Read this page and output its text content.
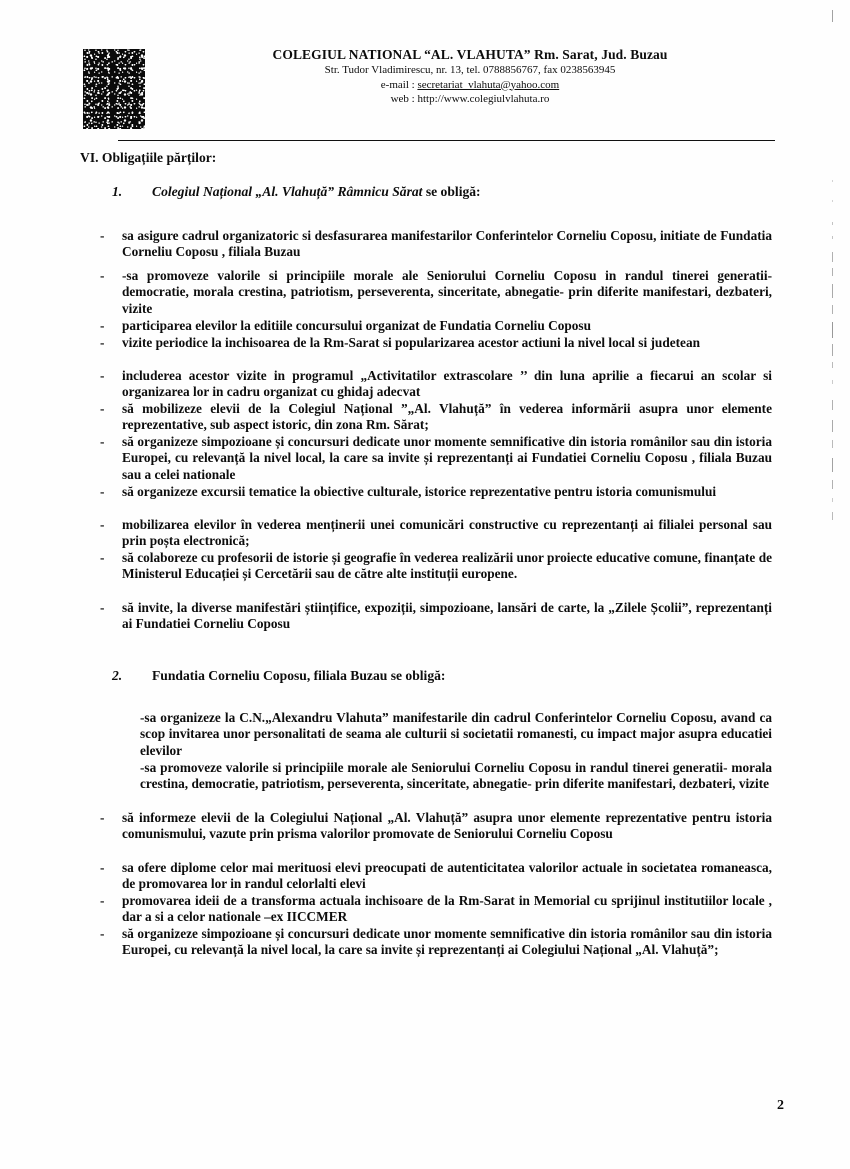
COLEGIUL NATIONAL “AL. VLAHUTA” Rm. Sarat, Jud. Buzau
Str. Tudor Vladimirescu, nr. 13, tel. 0788856767, fax 0238563945
e-mail : secretariat_vlahuta@yahoo.com
web : http://www.colegiulvlahuta.ro
VI. Obligațiile părților:
1. Colegiul Național „Al. Vlahuță” Râmnicu Sărat se obligă:
-	sa asigure cadrul organizatoric si desfasurarea manifestarilor Conferintelor Corneliu Coposu, initiate de Fundatia Corneliu Coposu , filiala Buzau
-	-sa promoveze valorile si principiile morale ale Seniorului Corneliu Coposu in randul tinerei generatii- democratie, morala crestina, patriotism, perseverenta, sinceritate, abnegatie- prin diferite manifestari, dezbateri, vizite
-	participarea elevilor la editiile concursului organizat de Fundatia Corneliu Coposu
-	vizite periodice la inchisoarea de la Rm-Sarat si popularizarea acestor actiuni la nivel local si judetean
-	includerea acestor vizite in programul „Activitatilor extrascolare ’’ din luna aprilie a fiecarui an scolar si organizarea lor in cadru organizat cu ghidaj adecvat
-	să mobilizeze elevii de la Colegiul Național ”„Al. Vlahuță” în vederea informării asupra unor elemente reprezentative, sub aspect istoric, din zona Rm. Sărat;
-	să organizeze simpozioane și concursuri dedicate unor momente semnificative din istoria românilor sau din istoria Europei, cu relevanță la nivel local, la care sa invite și reprezentanți ai Fundatiei Corneliu Coposu , filiala Buzau sau a celei nationale
-	să organizeze excursii tematice la obiective culturale, istorice reprezentative pentru istoria comunismului
-	mobilizarea elevilor în vederea menținerii unei comunicări constructive cu reprezentanți ai filialei personal sau prin poșta electronică;
-	să colaboreze cu profesorii de istorie și geografie în vederea realizării unor proiecte educative comune, finanțate de Ministerul Educației și Cercetării sau de către alte instituții europene.
-	să invite, la diverse manifestări științifice, expoziții, simpozioane, lansări de carte, la „Zilele Școlii”, reprezentanți ai Fundatiei Corneliu Coposu
2. Fundatia Corneliu Coposu, filiala Buzau se obligă:
-sa organizeze la C.N.„Alexandru Vlahuta” manifestarile din cadrul Conferintelor Corneliu Coposu, avand ca scop invitarea unor personalitati de seama ale culturii si societatii romanesti, cu impact major asupra educatiei elevilor
-sa promoveze valorile si principiile morale ale Seniorului Corneliu Coposu in randul tinerei generatii- morala crestina, democratie, patriotism, perseverenta, sinceritate, abnegatie- prin diferite manifestari, dezbateri, vizite
-	să informeze elevii de la Colegiului Național „Al. Vlahuță” asupra unor elemente reprezentative pentru istoria comunismului, vazute prin prisma valorilor promovate de Seniorului Corneliu Coposu
-	sa ofere diplome celor mai merituosi elevi preocupati de autenticitatea valorilor actuale in societatea romaneasca, de promovarea lor in randul celorlalti elevi
-	promovarea ideii de a transforma actuala inchisoare de la Rm-Sarat in Memorial cu sprijinul institutiilor locale , dar a si a celor nationale –ex IICCMER
-	să organizeze simpozioane și concursuri dedicate unor momente semnificative din istoria românilor sau din istoria Europei, cu relevanță la nivel local, la care sa invite și reprezentanți ai Colegiului Național „Al. Vlahuță”;
2
